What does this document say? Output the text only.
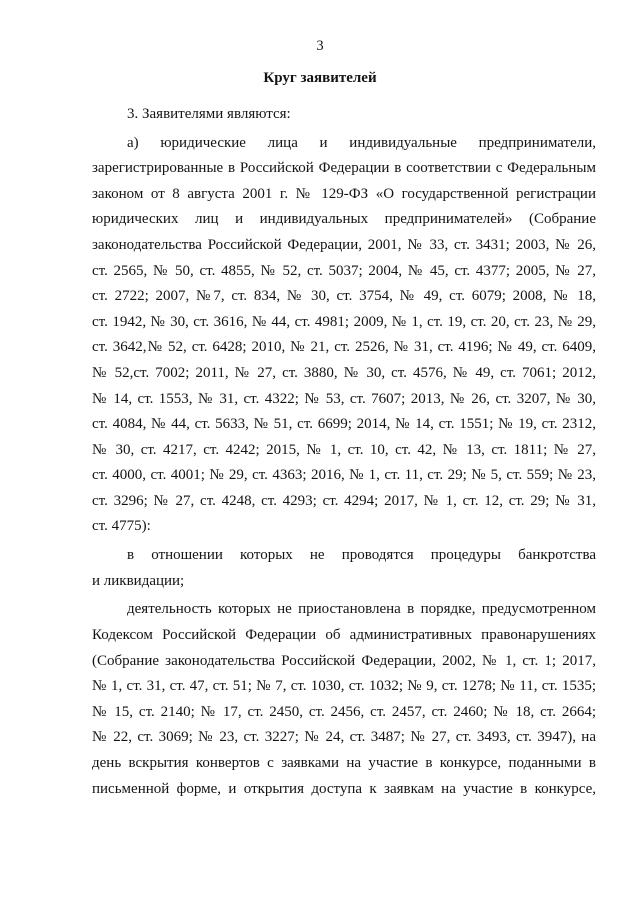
3
Круг заявителей
3. Заявителями являются:
а) юридические лица и индивидуальные предприниматели,
зарегистрированные в Российской Федерации в соответствии с Федеральным
законом от 8 августа 2001 г. № 129-ФЗ «О государственной регистрации
юридических лиц и индивидуальных предпринимателей» (Собрание
законодательства Российской Федерации, 2001, № 33, ст. 3431; 2003, № 26,
ст. 2565, № 50, ст. 4855, № 52, ст. 5037; 2004, № 45, ст. 4377; 2005, № 27,
ст. 2722; 2007, №7, ст. 834, № 30, ст. 3754, № 49, ст. 6079; 2008, № 18,
ст. 1942, № 30, ст. 3616, № 44, ст. 4981; 2009, № 1, ст. 19, ст. 20, ст. 23, № 29,
ст. 3642,№ 52, ст. 6428; 2010, № 21, ст. 2526, № 31, ст. 4196; № 49, ст. 6409,
№ 52,ст. 7002; 2011, № 27, ст. 3880, № 30, ст. 4576, № 49, ст. 7061; 2012,
№ 14, ст. 1553, № 31, ст. 4322; № 53, ст. 7607; 2013, № 26, ст. 3207, № 30,
ст. 4084, № 44, ст. 5633, № 51, ст. 6699; 2014, № 14, ст. 1551; № 19, ст. 2312,
№ 30, ст. 4217, ст. 4242; 2015, № 1, ст. 10, ст. 42, № 13, ст. 1811; № 27,
ст. 4000, ст. 4001; № 29, ст. 4363; 2016, № 1, ст. 11, ст. 29; № 5, ст. 559; № 23,
ст. 3296; № 27, ст. 4248, ст. 4293; ст. 4294; 2017, № 1, ст. 12, ст. 29; № 31,
ст. 4775):
в отношении которых не проводятся процедуры банкротства
и ликвидации;
деятельность которых не приостановлена в порядке, предусмотренном
Кодексом Российской Федерации об административных правонарушениях
(Собрание законодательства Российской Федерации, 2002, № 1, ст. 1; 2017,
№ 1, ст. 31, ст. 47, ст. 51; № 7, ст. 1030, ст. 1032; № 9, ст. 1278; № 11, ст. 1535;
№ 15, ст. 2140; № 17, ст. 2450, ст. 2456, ст. 2457, ст. 2460; № 18, ст. 2664;
№ 22, ст. 3069; № 23, ст. 3227; № 24, ст. 3487; № 27, ст. 3493, ст. 3947), на
день вскрытия конвертов с заявками на участие в конкурсе, поданными в
письменной форме, и открытия доступа к заявкам на участие в конкурсе,
